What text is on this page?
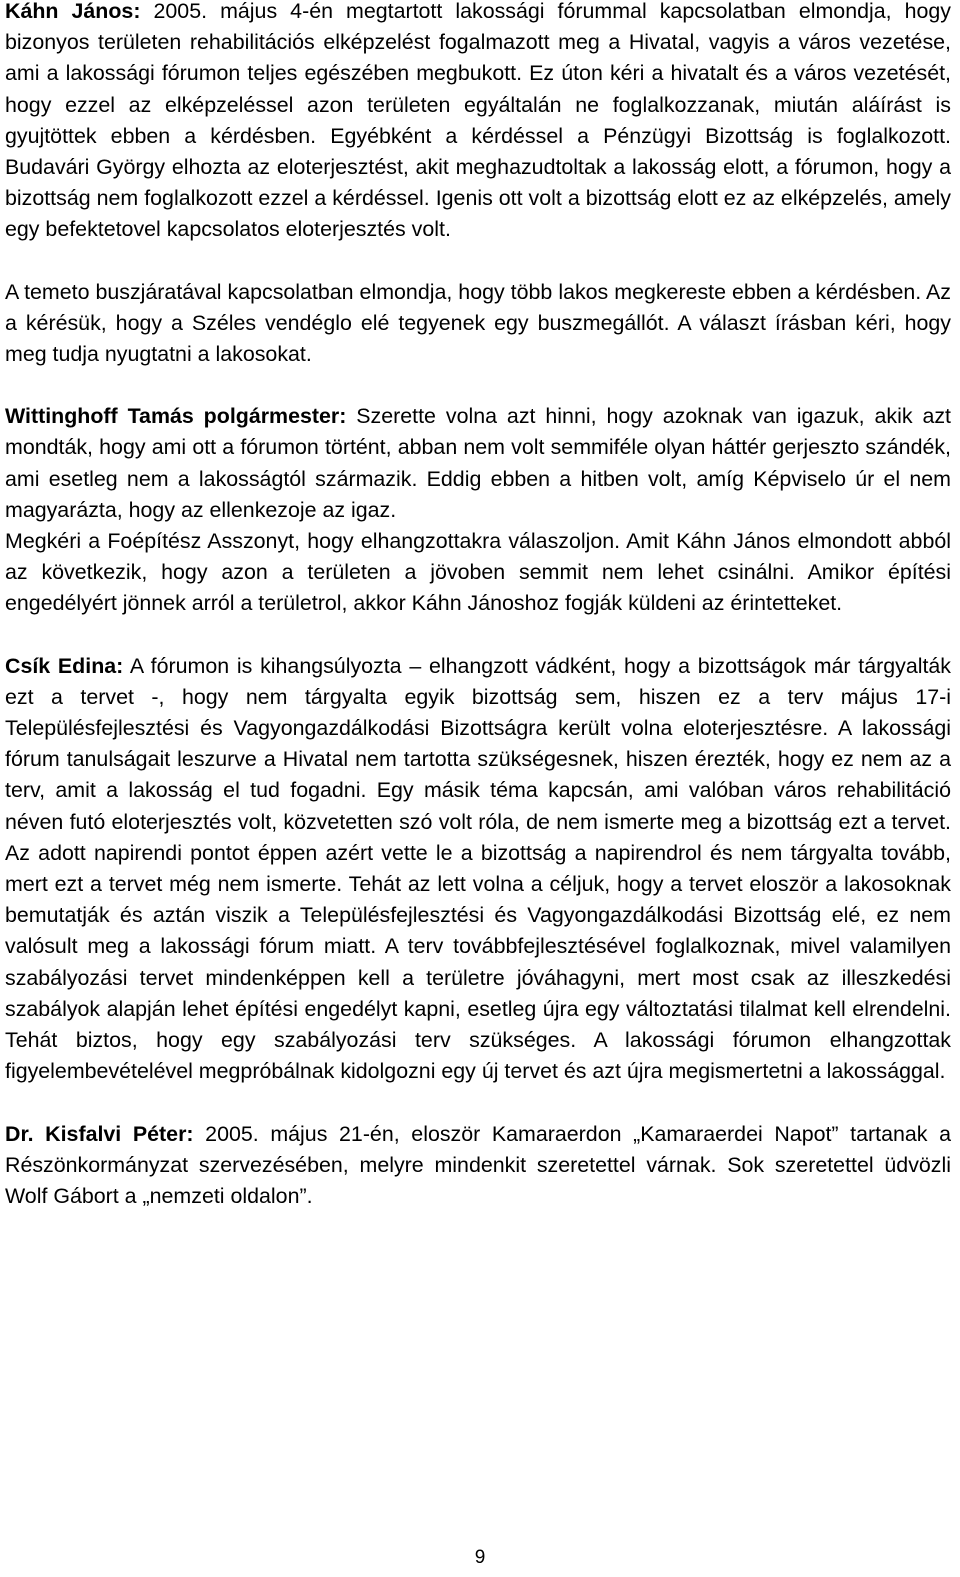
Káhn János: 2005. május 4-én megtartott lakossági fórummal kapcsolatban elmondja, hogy bizonyos területen rehabilitációs elképzelést fogalmazott meg a Hivatal, vagyis a város vezetése, ami a lakossági fórumon teljes egészében megbukott. Ez úton kéri a hivatalt és a város vezetését, hogy ezzel az elképzeléssel azon területen egyáltalán ne foglalkozzanak, miután aláírást is gyujtöttek ebben a kérdésben. Egyébként a kérdéssel a Pénzügyi Bizottság is foglalkozott. Budavári György elhozta az eloterjesztést, akit meghazudtoltak a lakosság elott, a fórumon, hogy a bizottság nem foglalkozott ezzel a kérdéssel. Igenis ott volt a bizottság elott ez az elképzelés, amely egy befektetovel kapcsolatos eloterjesztés volt.

A temeto buszjáratával kapcsolatban elmondja, hogy több lakos megkereste ebben a kérdésben. Az a kérésük, hogy a Széles vendéglo elé tegyenek egy buszmegállót. A választ írásban kéri, hogy meg tudja nyugtatni a lakosokat.

Wittinghoff Tamás polgármester: Szerette volna azt hinni, hogy azoknak van igazuk, akik azt mondták, hogy ami ott a fórumon történt, abban nem volt semmiféle olyan háttér gerjeszto szándék, ami esetleg nem a lakosságtól származik. Eddig ebben a hitben volt, amíg Képviselo úr el nem magyarázta, hogy az ellenkezoje az igaz.

Megkéri a Foépítész Asszonyt, hogy elhangzottakra válaszoljon. Amit Káhn János elmondott abból az következik, hogy azon a területen a jövoben semmit nem lehet csinálni. Amikor építési engedélyért jönnek arról a területrol, akkor Káhn Jánoshoz fogják küldeni az érintetteket.

Csík Edina: A fórumon is kihangsúlyozta – elhangzott vádként, hogy a bizottságok már tárgyalták ezt a tervet -, hogy nem tárgyalta egyik bizottság sem, hiszen ez a terv május 17-i Településfejlesztési és Vagyongazdálkodási Bizottságra került volna eloterjesztésre. A lakossági fórum tanulságait leszurve a Hivatal nem tartotta szükségesnek, hiszen érezték, hogy ez nem az a terv, amit a lakosság el tud fogadni. Egy másik téma kapcsán, ami valóban város rehabilitáció néven futó eloterjesztés volt, közvetetten szó volt róla, de nem ismerte meg a bizottság ezt a tervet. Az adott napirendi pontot éppen azért vette le a bizottság a napirendrol és nem tárgyalta tovább, mert ezt a tervet még nem ismerte. Tehát az lett volna a céljuk, hogy a tervet eloször a lakosoknak bemutatják és aztán viszik a Településfejlesztési és Vagyongazdálkodási Bizottság elé, ez nem valósult meg a lakossági fórum miatt. A terv továbbfejlesztésével foglalkoznak, mivel valamilyen szabályozási tervet mindenképpen kell a területre jóváhagyni, mert most csak az illeszkedési szabályok alapján lehet építési engedélyt kapni, esetleg újra egy változtatási tilalmat kell elrendelni. Tehát biztos, hogy egy szabályozási terv szükséges. A lakossági fórumon elhangzottak figyelembevételével megpróbálnak kidolgozni egy új tervet és azt újra megismertetni a lakossággal.

Dr. Kisfalvi Péter: 2005. május 21-én, eloször Kamaraerdon „Kamaraerdei Napot” tartanak a Részönkormányzat szervezésében, melyre mindenkit szeretettel várnak. Sok szeretettel üdvözli Wolf Gábort a „nemzeti oldalon”.

9
